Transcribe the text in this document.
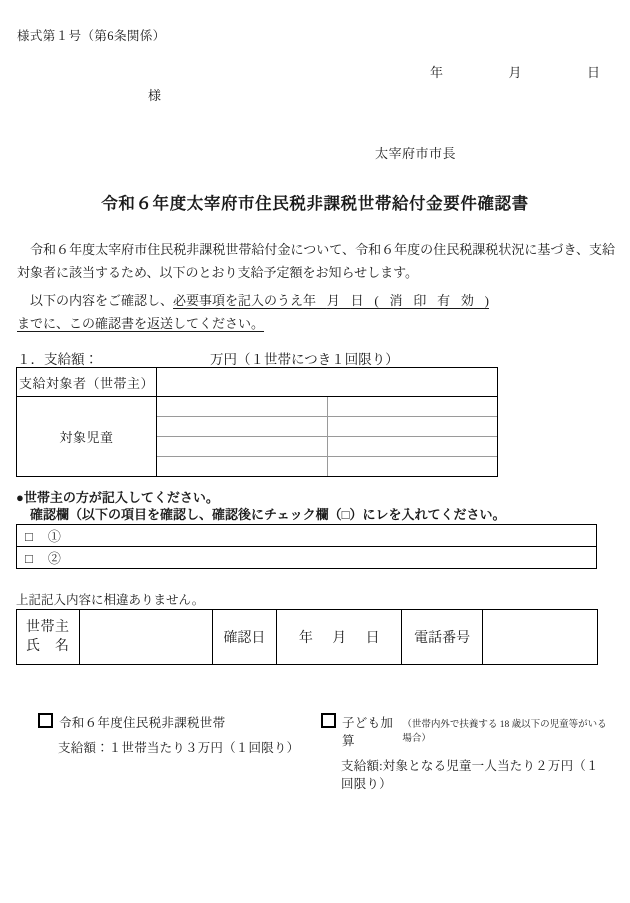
様式第１号（第6条関係）
年	月	日
様
太宰府市市長
令和６年度太宰府市住民税非課税世帯給付金要件確認書
令和６年度太宰府市住民税非課税世帯給付金について、令和６年度の住民税課税状況に基づき、支給対象者に該当するため、以下のとおり支給予定額をお知らせします。
以下の内容をご確認し、必要事項を記入のうえ年月日(消印有効)
までに、この確認書を返送してください。
１．支給額：	万円（１世帯につき１回限り）
支給対象者（世帯主）	
対象児童	

●世帯主の方が記入してください。
確認欄（以下の項目を確認し、確認後にチェック欄（□）にレを入れてください。
□　①
□　②
上記記入内容に相違ありません。
世帯主
氏　名		確認日	年 月 日	電話番号	
令和６年度住民税非課税世帯
支給額：１世帯当たり３万円（１回限り）
子ども加算
（世帯内外で扶養する 18 歳以下の児童等がいる場合）
支給額:対象となる児童一人当たり２万円（１回限り）
